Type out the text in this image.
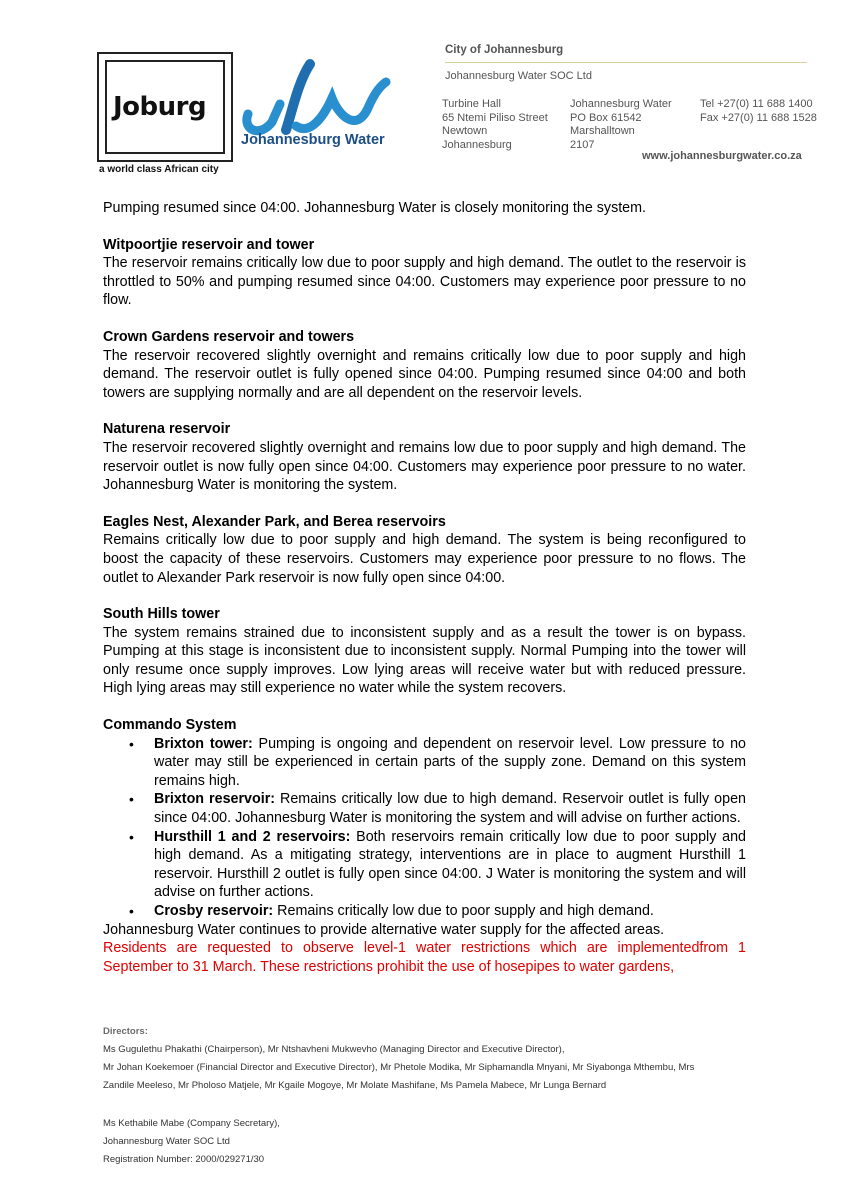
Joburg
a world class African city
Johannesburg Water
City of Johannesburg
Johannesburg Water SOC Ltd
Turbine Hall
65 Ntemi Piliso Street
Newtown
Johannesburg
Johannesburg Water
PO Box 61542
Marshalltown
2107
Tel +27(0) 11 688 1400
Fax +27(0) 11 688 1528
www.johannesburgwater.co.za

Pumping resumed since 04:00. Johannesburg Water is closely monitoring the system.

Witpoortjie reservoir and tower

The reservoir remains critically low due to poor supply and high demand. The outlet to the reservoir is throttled to 50% and pumping resumed since 04:00. Customers may experience poor pressure to no flow.

Crown Gardens reservoir and towers

The reservoir recovered slightly overnight and remains critically low due to poor supply and high demand. The reservoir outlet is fully opened since 04:00. Pumping resumed since 04:00 and both towers are supplying normally and are all dependent on the reservoir levels.

Naturena reservoir

The reservoir recovered slightly overnight and remains low due to poor supply and high demand. The reservoir outlet is now fully open since 04:00. Customers may experience poor pressure to no water. Johannesburg Water is monitoring the system.

Eagles Nest, Alexander Park, and Berea reservoirs

Remains critically low due to poor supply and high demand. The system is being reconfigured to boost the capacity of these reservoirs. Customers may experience poor pressure to no flows. The outlet to Alexander Park reservoir is now fully open since 04:00.

South Hills tower

The system remains strained due to inconsistent supply and as a result the tower is on bypass. Pumping at this stage is inconsistent due to inconsistent supply. Normal Pumping into the tower will only resume once supply improves. Low lying areas will receive water but with reduced pressure. High lying areas may still experience no water while the system recovers.

Commando System

• Brixton tower: Pumping is ongoing and dependent on reservoir level. Low pressure to no water may still be experienced in certain parts of the supply zone. Demand on this system remains high.
• Brixton reservoir: Remains critically low due to high demand. Reservoir outlet is fully open since 04:00. Johannesburg Water is monitoring the system and will advise on further actions.
• Hursthill 1 and 2 reservoirs: Both reservoirs remain critically low due to poor supply and high demand. As a mitigating strategy, interventions are in place to augment Hursthill 1 reservoir. Hursthill 2 outlet is fully open since 04:00. J Water is monitoring the system and will advise on further actions.
• Crosby reservoir: Remains critically low due to poor supply and high demand.

Johannesburg Water continues to provide alternative water supply for the affected areas.

Residents are requested to observe level-1 water restrictions which are implementedfrom 1 September to 31 March. These restrictions prohibit the use of hosepipes to water gardens,

Directors:
Ms Gugulethu Phakathi (Chairperson), Mr Ntshavheni Mukwevho (Managing Director and Executive Director),
Mr Johan Koekemoer (Financial Director and Executive Director), Mr Phetole Modika, Mr Siphamandla Mnyani, Mr Siyabonga Mthembu, Mrs
Zandile Meeleso, Mr Pholoso Matjele, Mr Kgaile Mogoye, Mr Molate Mashifane, Ms Pamela Mabece, Mr Lunga Bernard
Ms Kethabile Mabe (Company Secretary),
Johannesburg Water SOC Ltd
Registration Number: 2000/029271/30
